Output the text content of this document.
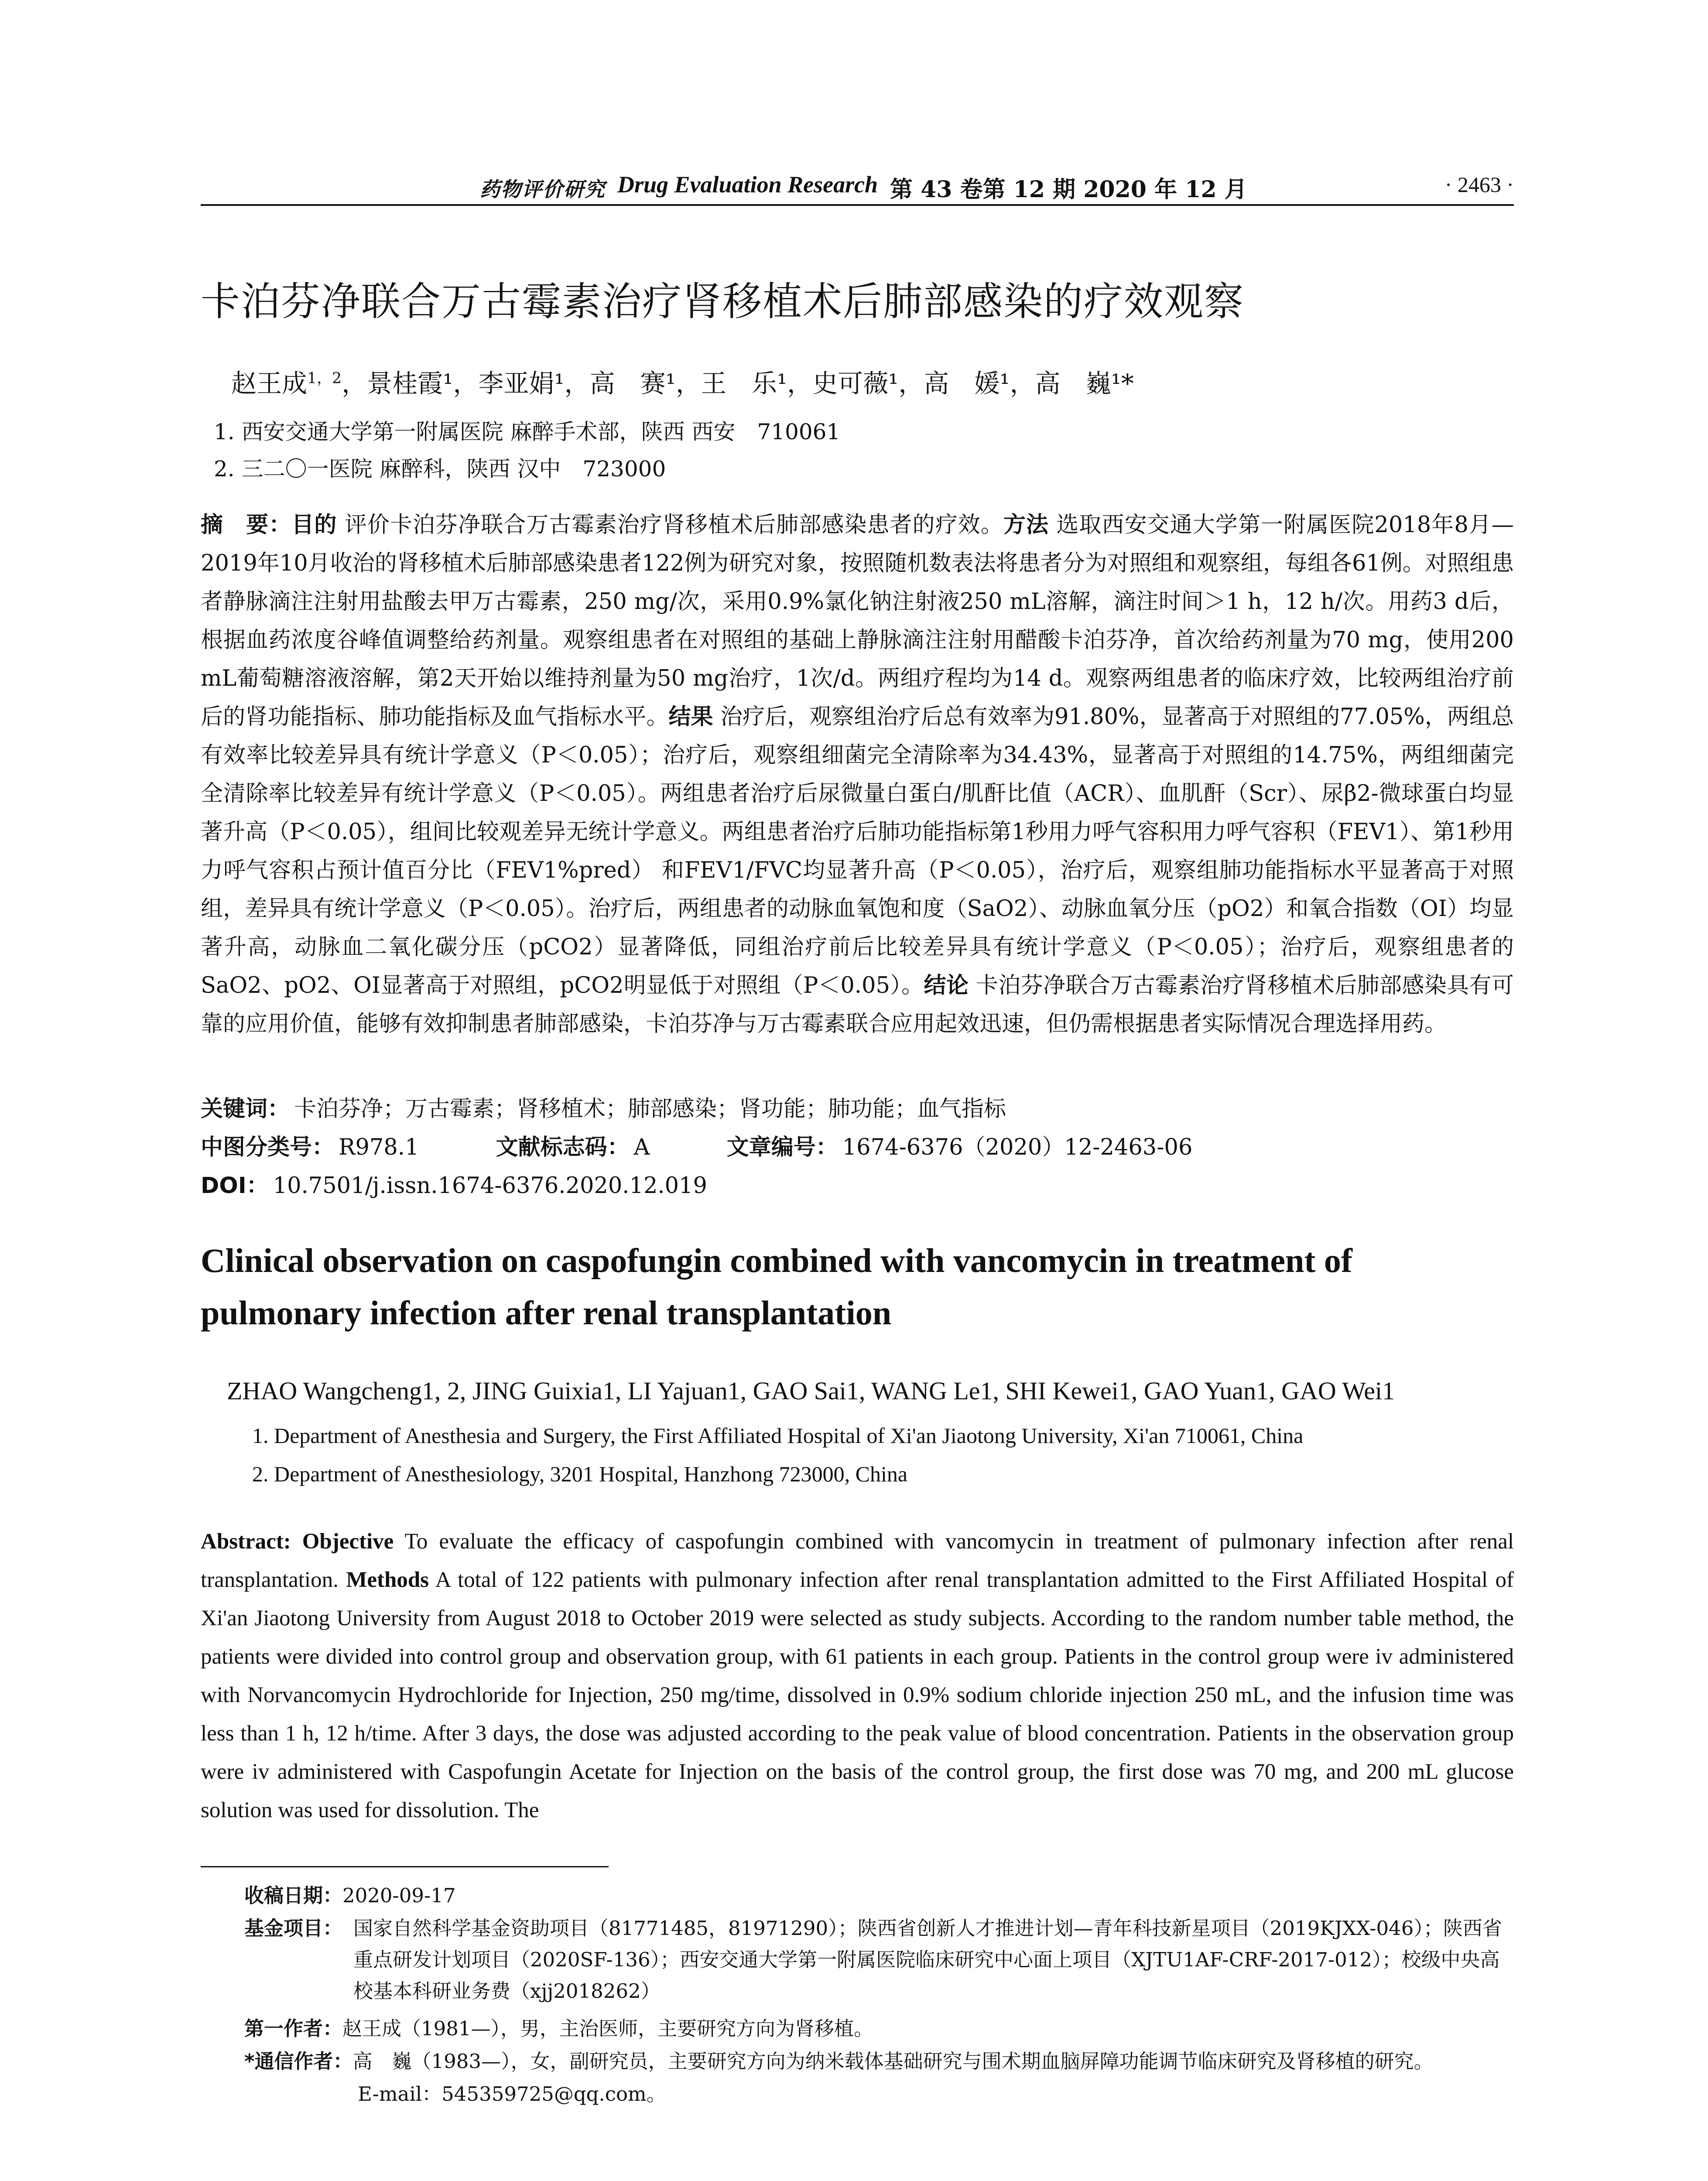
药物评价研究 Drug Evaluation Research 第 43 卷第 12 期 2020 年 12 月	· 2463 ·
卡泊芬净联合万古霉素治疗肾移植术后肺部感染的疗效观察
赵王成$^{1,2}$，景桂霞¹，李亚娟¹，高　赛¹，王　乐¹，史可薇¹，高　媛¹，高　巍¹*
1. 西安交通大学第一附属医院 麻醉手术部，陕西 西安　710061
2. 三二〇一医院 麻醉科，陕西 汉中　723000
摘　要：目的 评价卡泊芬净联合万古霉素治疗肾移植术后肺部感染患者的疗效。方法 选取西安交通大学第一附属医院2018年8月—2019年10月收治的肾移植术后肺部感染患者122例为研究对象，按照随机数表法将患者分为对照组和观察组，每组各61例。对照组患者静脉滴注注射用盐酸去甲万古霉素，250 mg/次，采用0.9%氯化钠注射液250 mL溶解，滴注时间＞1 h，12 h/次。用药3 d后，根据血药浓度谷峰值调整给药剂量。观察组患者在对照组的基础上静脉滴注注射用醋酸卡泊芬净，首次给药剂量为70 mg，使用200 mL葡萄糖溶液溶解，第2天开始以维持剂量为50 mg治疗，1次/d。两组疗程均为14 d。观察两组患者的临床疗效，比较两组治疗前后的肾功能指标、肺功能指标及血气指标水平。结果 治疗后，观察组治疗后总有效率为91.80%，显著高于对照组的77.05%，两组总有效率比较差异具有统计学意义（P＜0.05）；治疗后，观察组细菌完全清除率为34.43%，显著高于对照组的14.75%，两组细菌完全清除率比较差异有统计学意义（P＜0.05）。两组患者治疗后尿微量白蛋白/肌酐比值（ACR）、血肌酐（Scr）、尿β2-微球蛋白均显著升高（P＜0.05），组间比较观差异无统计学意义。两组患者治疗后肺功能指标第1秒用力呼气容积用力呼气容积（FEV1）、第1秒用力呼气容积占预计值百分比（FEV1%pred） 和FEV1/FVC均显著升高（P＜0.05），治疗后，观察组肺功能指标水平显著高于对照组，差异具有统计学意义（P＜0.05）。治疗后，两组患者的动脉血氧饱和度（SaO2）、动脉血氧分压（pO2）和氧合指数（OI）均显著升高，动脉血二氧化碳分压（pCO2）显著降低，同组治疗前后比较差异具有统计学意义（P＜0.05）；治疗后，观察组患者的SaO2、pO2、OI显著高于对照组，pCO2明显低于对照组（P＜0.05）。结论 卡泊芬净联合万古霉素治疗肾移植术后肺部感染具有可靠的应用价值，能够有效抑制患者肺部感染，卡泊芬净与万古霉素联合应用起效迅速，但仍需根据患者实际情况合理选择用药。
关键词： 卡泊芬净；万古霉素；肾移植术；肺部感染；肾功能；肺功能；血气指标
中图分类号： R978.1	文献标志码： A	文章编号： 1674-6376（2020）12-2463-06
DOI： 10.7501/j.issn.1674-6376.2020.12.019
Clinical observation on caspofungin combined with vancomycin in treatment of pulmonary infection after renal transplantation
ZHAO Wangcheng1, 2, JING Guixia1, LI Yajuan1, GAO Sai1, WANG Le1, SHI Kewei1, GAO Yuan1, GAO Wei1
1. Department of Anesthesia and Surgery, the First Affiliated Hospital of Xi'an Jiaotong University, Xi'an 710061, China
2. Department of Anesthesiology, 3201 Hospital, Hanzhong 723000, China
Abstract: Objective To evaluate the efficacy of caspofungin combined with vancomycin in treatment of pulmonary infection after renal transplantation. Methods A total of 122 patients with pulmonary infection after renal transplantation admitted to the First Affiliated Hospital of Xi'an Jiaotong University from August 2018 to October 2019 were selected as study subjects. According to the random number table method, the patients were divided into control group and observation group, with 61 patients in each group. Patients in the control group were iv administered with Norvancomycin Hydrochloride for Injection, 250 mg/time, dissolved in 0.9% sodium chloride injection 250 mL, and the infusion time was less than 1 h, 12 h/time. After 3 days, the dose was adjusted according to the peak value of blood concentration. Patients in the observation group were iv administered with Caspofungin Acetate for Injection on the basis of the control group, the first dose was 70 mg, and 200 mL glucose solution was used for dissolution. The
收稿日期：2020-09-17
基金项目： 国家自然科学基金资助项目（81771485，81971290）；陕西省创新人才推进计划—青年科技新星项目（2019KJXX-046）；陕西省重点研发计划项目（2020SF-136）；西安交通大学第一附属医院临床研究中心面上项目（XJTU1AF-CRF-2017-012）；校级中央高校基本科研业务费（xjj2018262）
第一作者：赵王成（1981—），男，主治医师，主要研究方向为肾移植。
*通信作者：高　巍（1983—），女，副研究员，主要研究方向为纳米载体基础研究与围术期血脑屏障功能调节临床研究及肾移植的研究。
E-mail：545359725@qq.com。
